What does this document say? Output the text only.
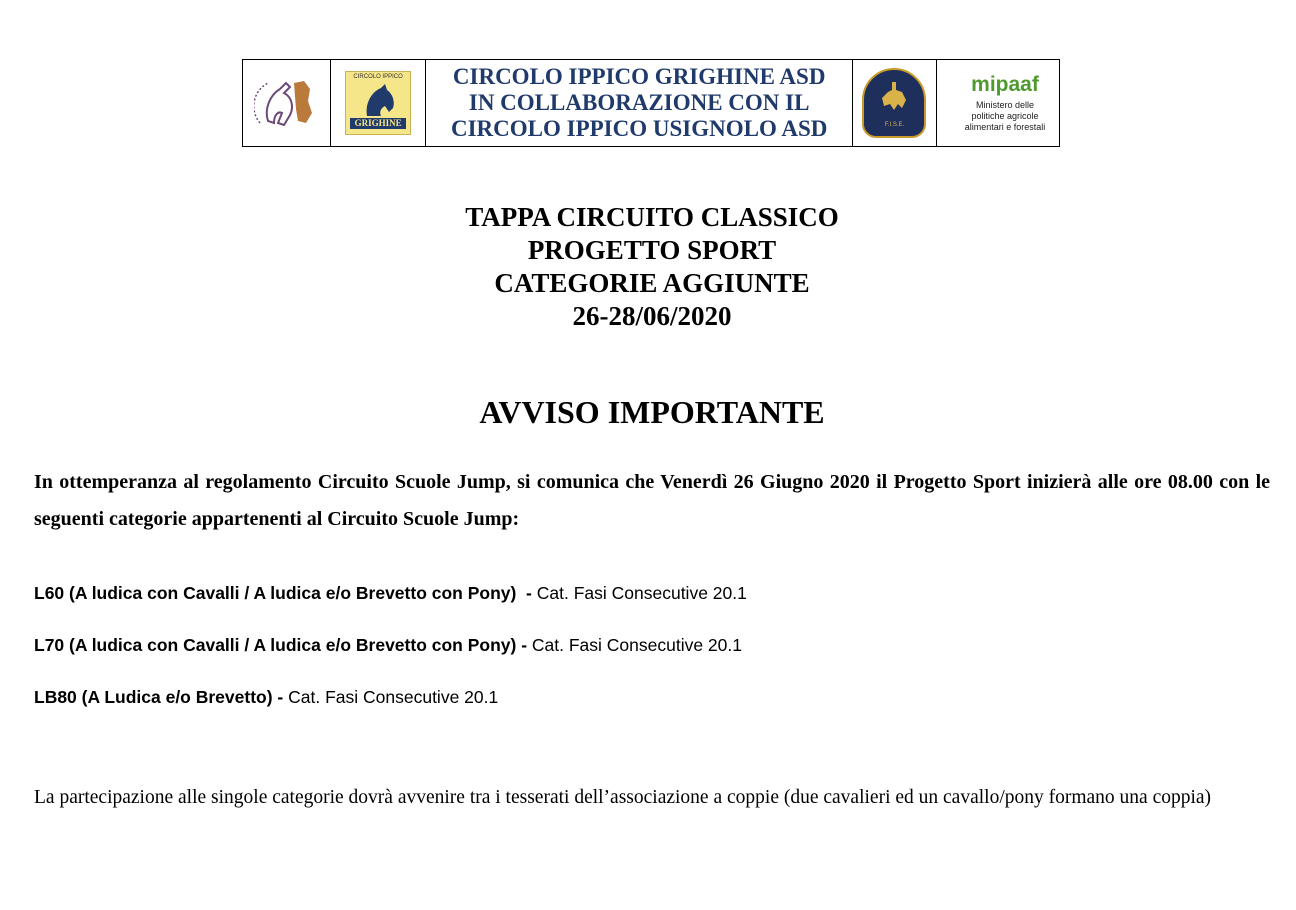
CIRCOLO IPPICO
GRIGHINE

CIRCOLO IPPICO GRIGHINE ASD
IN COLLABORAZIONE CON IL
CIRCOLO IPPICO USIGNOLO ASD	F.I.S.E.

mipaaf
Ministero delle
politiche agricole
alimentari e forestali
TAPPA CIRCUITO CLASSICO
PROGETTO SPORT
CATEGORIE AGGIUNTE
26-28/06/2020
AVVISO IMPORTANTE
In ottemperanza al regolamento Circuito Scuole Jump, si comunica che Venerdì 26 Giugno 2020 il Progetto Sport inizierà alle ore 08.00 con le seguenti categorie appartenenti al Circuito Scuole Jump:
L60 (A ludica con Cavalli / A ludica e/o Brevetto con Pony)  - Cat. Fasi Consecutive 20.1
L70 (A ludica con Cavalli / A ludica e/o Brevetto con Pony) - Cat. Fasi Consecutive 20.1
LB80 (A Ludica e/o Brevetto) - Cat. Fasi Consecutive 20.1
La partecipazione alle singole categorie dovrà avvenire tra i tesserati dell’associazione a coppie (due cavalieri ed un cavallo/pony formano una coppia)
